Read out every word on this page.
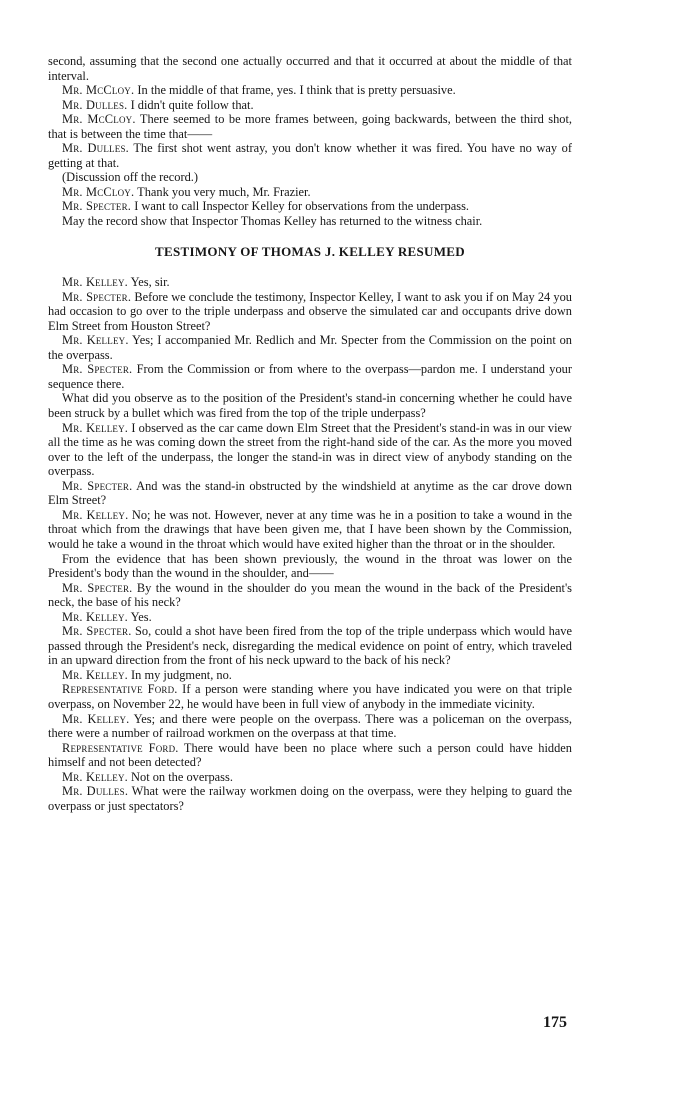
second, assuming that the second one actually occurred and that it occurred at about the middle of that interval.

Mr. McCloy. In the middle of that frame, yes. I think that is pretty persuasive.

Mr. Dulles. I didn't quite follow that.

Mr. McCloy. There seemed to be more frames between, going backwards, between the third shot, that is between the time that——

Mr. Dulles. The first shot went astray, you don't know whether it was fired. You have no way of getting at that.

(Discussion off the record.)

Mr. McCloy. Thank you very much, Mr. Frazier.

Mr. Specter. I want to call Inspector Kelley for observations from the underpass.

May the record show that Inspector Thomas Kelley has returned to the witness chair.

TESTIMONY OF THOMAS J. KELLEY RESUMED

Mr. Kelley. Yes, sir.

Mr. Specter. Before we conclude the testimony, Inspector Kelley, I want to ask you if on May 24 you had occasion to go over to the triple underpass and observe the simulated car and occupants drive down Elm Street from Houston Street?

Mr. Kelley. Yes; I accompanied Mr. Redlich and Mr. Specter from the Commission on the point on the overpass.

Mr. Specter. From the Commission or from where to the overpass—pardon me. I understand your sequence there.

What did you observe as to the position of the President's stand-in concerning whether he could have been struck by a bullet which was fired from the top of the triple underpass?

Mr. Kelley. I observed as the car came down Elm Street that the President's stand-in was in our view all the time as he was coming down the street from the right-hand side of the car. As the more you moved over to the left of the underpass, the longer the stand-in was in direct view of anybody standing on the overpass.

Mr. Specter. And was the stand-in obstructed by the windshield at anytime as the car drove down Elm Street?

Mr. Kelley. No; he was not. However, never at any time was he in a position to take a wound in the throat which from the drawings that have been given me, that I have been shown by the Commission, would he take a wound in the throat which would have exited higher than the throat or in the shoulder.

From the evidence that has been shown previously, the wound in the throat was lower on the President's body than the wound in the shoulder, and——

Mr. Specter. By the wound in the shoulder do you mean the wound in the back of the President's neck, the base of his neck?

Mr. Kelley. Yes.

Mr. Specter. So, could a shot have been fired from the top of the triple underpass which would have passed through the President's neck, disregarding the medical evidence on point of entry, which traveled in an upward direction from the front of his neck upward to the back of his neck?

Mr. Kelley. In my judgment, no.

Representative Ford. If a person were standing where you have indicated you were on that triple overpass, on November 22, he would have been in full view of anybody in the immediate vicinity.

Mr. Kelley. Yes; and there were people on the overpass. There was a policeman on the overpass, there were a number of railroad workmen on the overpass at that time.

Representative Ford. There would have been no place where such a person could have hidden himself and not been detected?

Mr. Kelley. Not on the overpass.

Mr. Dulles. What were the railway workmen doing on the overpass, were they helping to guard the overpass or just spectators?

175
